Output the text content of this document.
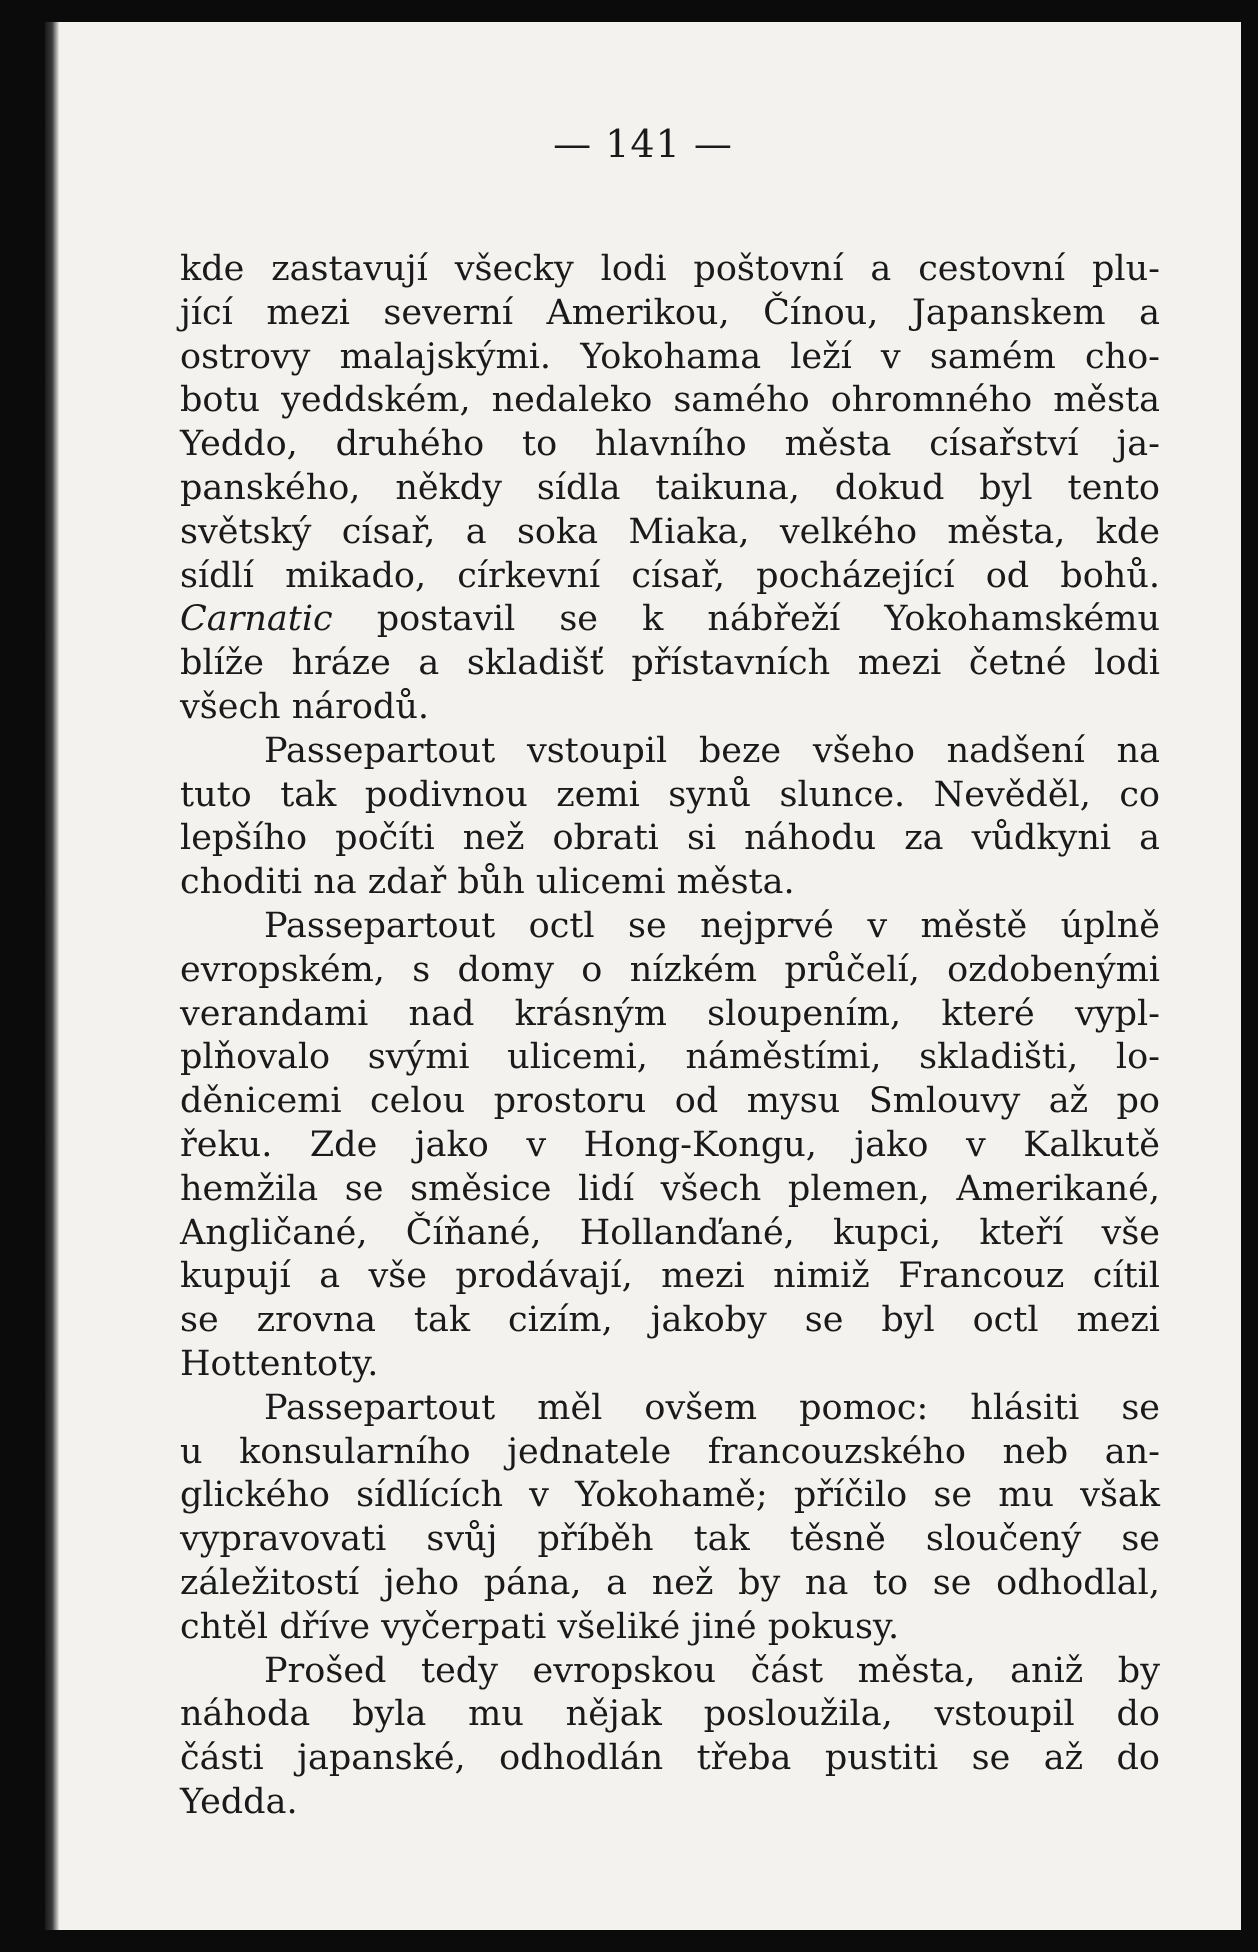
— 141 —
kde zastavují všecky lodi poštovní a cestovní plu-
jící mezi severní Amerikou, Čínou, Japanskem a
ostrovy malajskými. Yokohama leží v samém cho-
botu yeddském, nedaleko samého ohromného města
Yeddo, druhého to hlavního města císařství ja-
panského, někdy sídla taikuna, dokud byl tento
světský císař, a soka Miaka, velkého města, kde
sídlí mikado, církevní císař, pocházející od bohů.
Carnatic postavil se k nábřeží Yokohamskému
blíže hráze a skladišť přístavních mezi četné lodi
všech národů.
Passepartout vstoupil beze všeho nadšení na
tuto tak podivnou zemi synů slunce. Nevěděl, co
lepšího počíti než obrati si náhodu za vůdkyni a
choditi na zdař bůh ulicemi města.
Passepartout octl se nejprvé v městě úplně
evropském, s domy o nízkém průčelí, ozdobenými
verandami nad krásným sloupením, které vypl-
plňovalo svými ulicemi, náměstími, skladišti, lo-
děnicemi celou prostoru od mysu Smlouvy až po
řeku. Zde jako v Hong-Kongu, jako v Kalkutě
hemžila se směsice lidí všech plemen, Amerikané,
Angličané, Číňané, Hollanďané, kupci, kteří vše
kupují a vše prodávají, mezi nimiž Francouz cítil
se zrovna tak cizím, jakoby se byl octl mezi
Hottentoty.
Passepartout měl ovšem pomoc: hlásiti se
u konsularního jednatele francouzského neb an-
glického sídlících v Yokohamě; příčilo se mu však
vypravovati svůj příběh tak těsně sloučený se
záležitostí jeho pána, a než by na to se odhodlal,
chtěl dříve vyčerpati všeliké jiné pokusy.
Prošed tedy evropskou část města, aniž by
náhoda byla mu nějak posloužila, vstoupil do
části japanské, odhodlán třeba pustiti se až do
Yedda.
